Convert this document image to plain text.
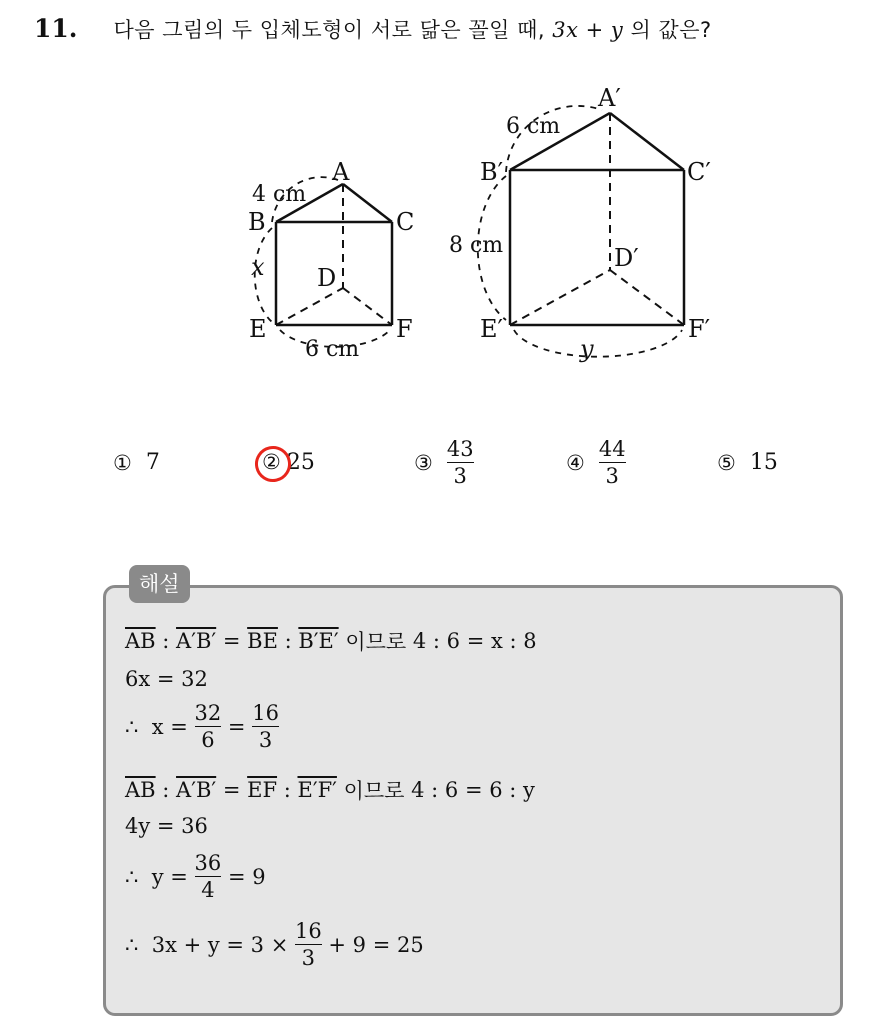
11. 다음 그림의 두 입체도형이 서로 닮은 꼴일 때, 3x + y 의 값은?
A
B	C
D
E	F
4 cm
x
6 cm
A′
B′	C′
D′
E′	F′
6 cm
8 cm
y
① 7	② 25	③ $\frac{43}{3}$	④ $\frac{44}{3}$	⑤ 15
해설
$\overline{AB}$ : $A'B' = \overline{BE}$ : B′E′ 이므로 4 : 6 = x : 8
6x = 32
∴  $x = \frac{32}{6} = \frac{16}{3}$
$\overline{AB}$ : $A'B' = \overline{EF}$ : E′F′ 이므로 4 : 6 = 6 : y
4y = 36
∴  $y = \frac{36}{4} = 9$
∴  $3x + y = 3 \times \frac{16}{3} + 9 = 25$
